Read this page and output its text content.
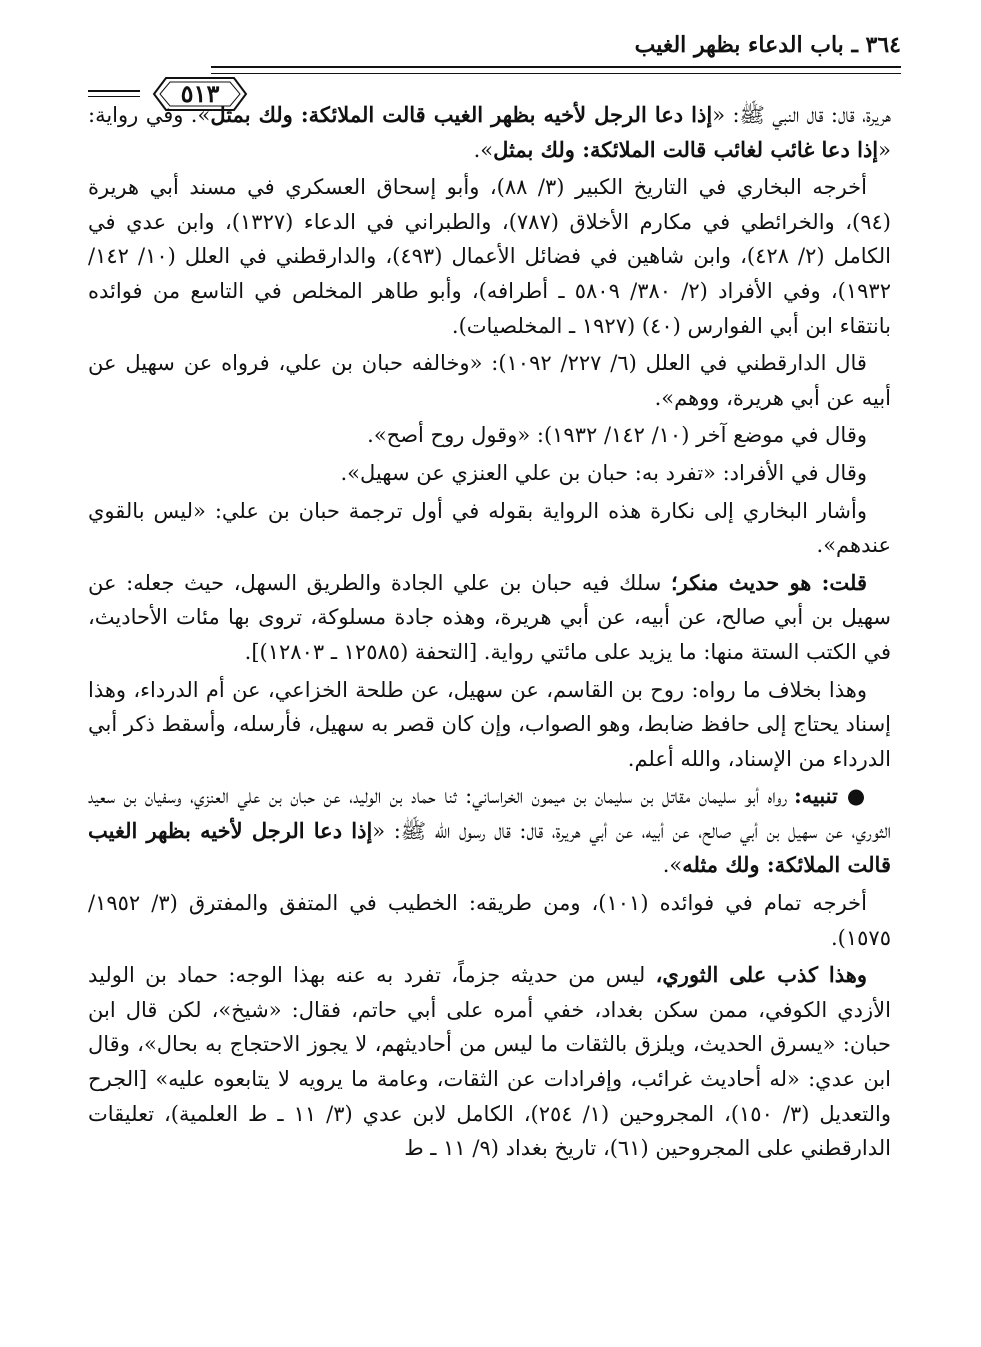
٣٦٤ ـ باب الدعاء بظهر الغيب
٥١٣

هريرة، قال: قال النبي ﷺ: «إذا دعا الرجل لأخيه بظهر الغيب قالت الملائكة: ولك بمثل». وفي رواية: «إذا دعا غائب لغائب قالت الملائكة: ولك بمثل».

أخرجه البخاري في التاريخ الكبير (٣/ ٨٨)، وأبو إسحاق العسكري في مسند أبي هريرة (٩٤)، والخرائطي في مكارم الأخلاق (٧٨٧)، والطبراني في الدعاء (١٣٢٧)، وابن عدي في الكامل (٢/ ٤٢٨)، وابن شاهين في فضائل الأعمال (٤٩٣)، والدارقطني في العلل (١٠/ ١٤٢/ ١٩٣٢)، وفي الأفراد (٢/ ٣٨٠/ ٥٨٠٩ ـ أطرافه)، وأبو طاهر المخلص في التاسع من فوائده بانتقاء ابن أبي الفوارس (٤٠) (١٩٢٧ ـ المخلصيات).

قال الدارقطني في العلل (٦/ ٢٢٧/ ١٠٩٢): «وخالفه حبان بن علي، فرواه عن سهيل عن أبيه عن أبي هريرة، ووهم».

وقال في موضع آخر (١٠/ ١٤٢/ ١٩٣٢): «وقول روح أصح».

وقال في الأفراد: «تفرد به: حبان بن علي العنزي عن سهيل».

وأشار البخاري إلى نكارة هذه الرواية بقوله في أول ترجمة حبان بن علي: «ليس بالقوي عندهم».

قلت: هو حديث منكر؛ سلك فيه حبان بن علي الجادة والطريق السهل، حيث جعله: عن سهيل بن أبي صالح، عن أبيه، عن أبي هريرة، وهذه جادة مسلوكة، تروى بها مئات الأحاديث، في الكتب الستة منها: ما يزيد على مائتي رواية. [التحفة (١٢٥٨٥ ـ ١٢٨٠٣)].

وهذا بخلاف ما رواه: روح بن القاسم، عن سهيل، عن طلحة الخزاعي، عن أم الدرداء، وهذا إسناد يحتاج إلى حافظ ضابط، وهو الصواب، وإن كان قصر به سهيل، فأرسله، وأسقط ذكر أبي الدرداء من الإسناد، والله أعلم.

● تنبيه: رواه أبو سليمان مقاتل بن سليمان بن ميمون الخراساني: ثنا حماد بن الوليد، عن حبان بن علي العنزي، وسفيان بن سعيد الثوري، عن سهيل بن أبي صالح، عن أبيه، عن أبي هريرة، قال: قال رسول الله ﷺ: «إذا دعا الرجل لأخيه بظهر الغيب قالت الملائكة: ولك مثله».

أخرجه تمام في فوائده (١٠١)، ومن طريقه: الخطيب في المتفق والمفترق (٣/ ١٩٥٢/ ١٥٧٥).

وهذا كذب على الثوري، ليس من حديثه جزماً، تفرد به عنه بهذا الوجه: حماد بن الوليد الأزدي الكوفي، ممن سكن بغداد، خفي أمره على أبي حاتم، فقال: «شيخ»، لكن قال ابن حبان: «يسرق الحديث، ويلزق بالثقات ما ليس من أحاديثهم، لا يجوز الاحتجاج به بحال»، وقال ابن عدي: «له أحاديث غرائب، وإفرادات عن الثقات، وعامة ما يرويه لا يتابعوه عليه» [الجرح والتعديل (٣/ ١٥٠)، المجروحين (١/ ٢٥٤)، الكامل لابن عدي (٣/ ١١ ـ ط العلمية)، تعليقات الدارقطني على المجروحين (٦١)، تاريخ بغداد (٩/ ١١ ـ ط
